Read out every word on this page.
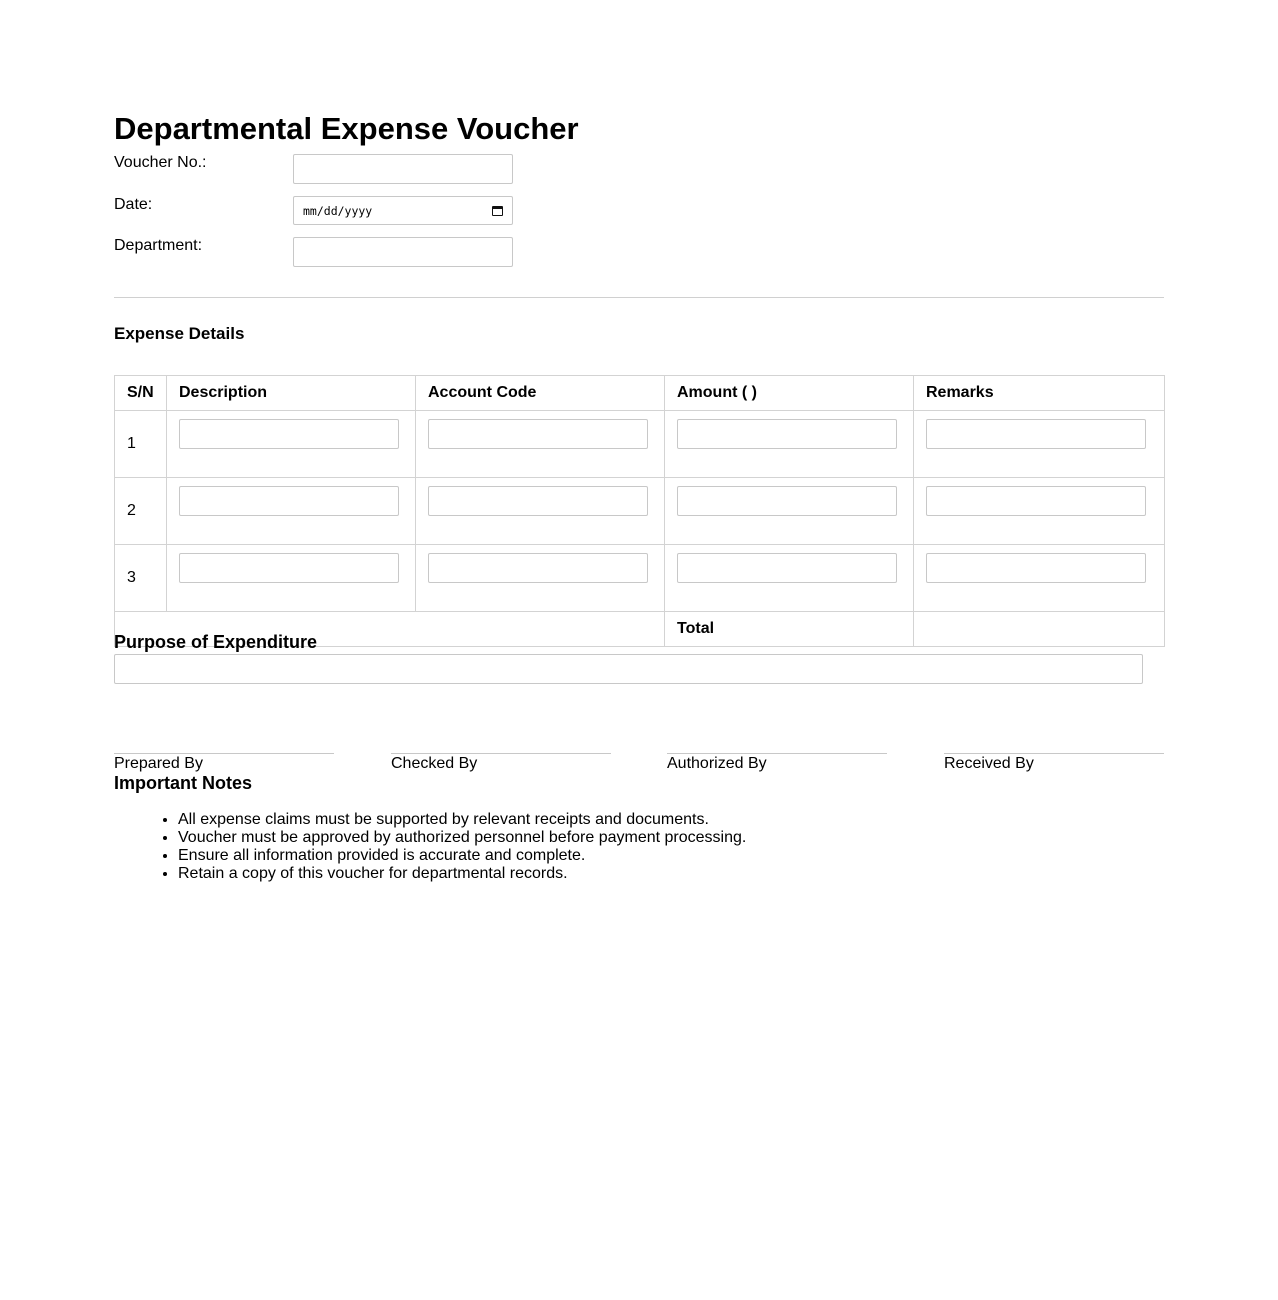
Departmental Expense Voucher
Voucher No.:
Date:	mm/dd/yyyy
Department:
Expense Details
S/N	Description	Account Code	Amount ( )	Remarks
1	

2	

3	

			Total	
Purpose of Expenditure
Prepared By	Checked By	Authorized By	Received By
Important Notes
• All expense claims must be supported by relevant receipts and documents.
• Voucher must be approved by authorized personnel before payment processing.
• Ensure all information provided is accurate and complete.
• Retain a copy of this voucher for departmental records.
